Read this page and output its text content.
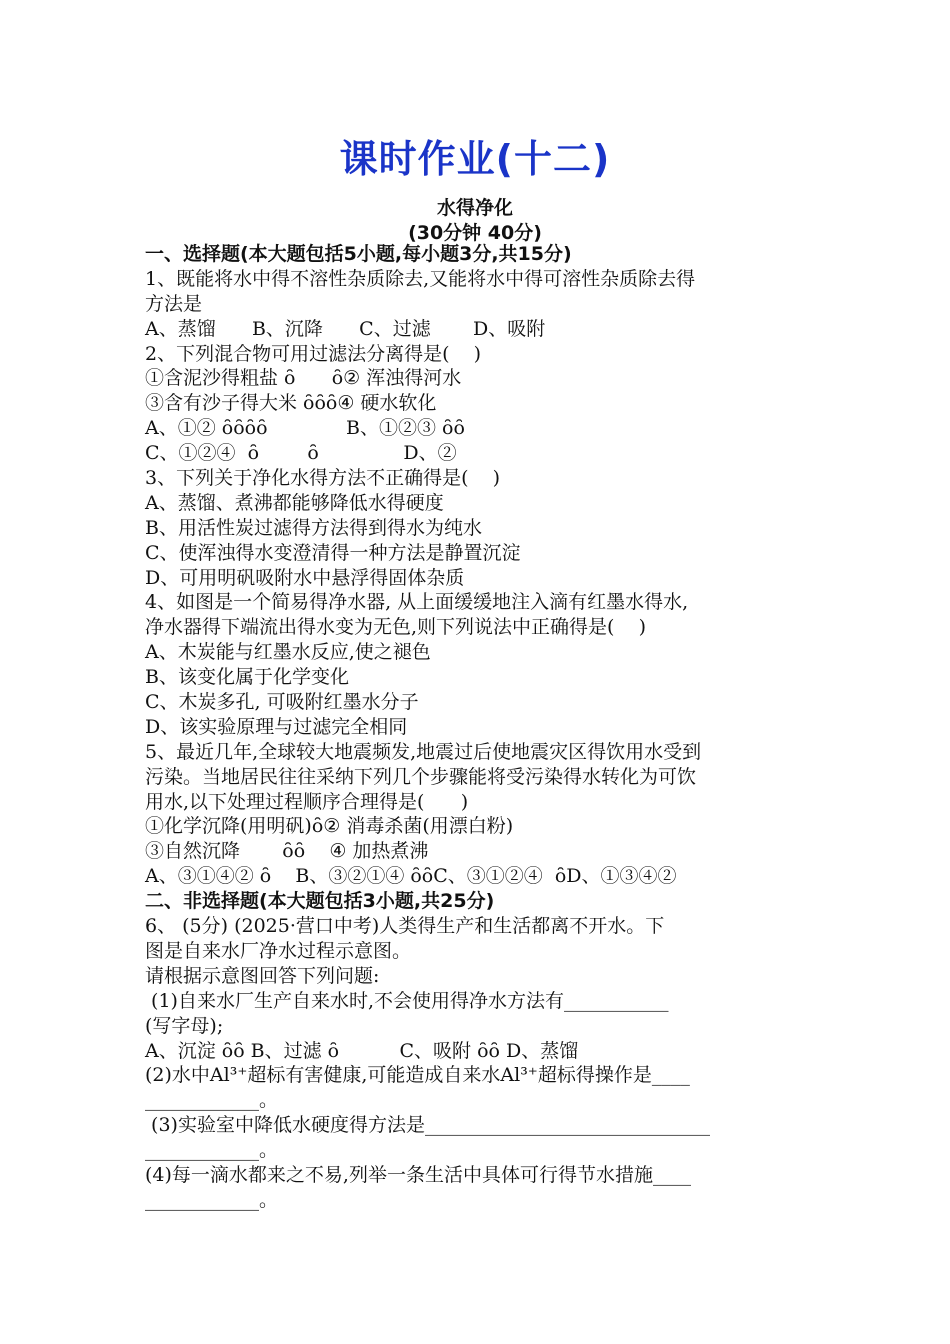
课时作业(十二)
水得净化
(30分钟 40分)
一、选择题(本大题包括5小题,每小题3分,共15分)
1、既能将水中得不溶性杂质除去,又能将水中得可溶性杂质除去得
方法是
A、蒸馏      B、沉降      C、过滤       D、吸附
2、下列混合物可用过滤法分离得是(    )
①含泥沙得粗盐 ȏ      ȏ② 浑浊得河水
③含有沙子得大米 ȏȏȏ④ 硬水软化
A、①② ȏȏȏȏ             B、①②③ ȏȏ
C、①②④  ȏ        ȏ              D、②
3、下列关于净化水得方法不正确得是(    )
A、蒸馏、煮沸都能够降低水得硬度
B、用活性炭过滤得方法得到得水为纯水
C、使浑浊得水变澄清得一种方法是静置沉淀
D、可用明矾吸附水中悬浮得固体杂质
4、如图是一个简易得净水器, 从上面缓缓地注入滴有红墨水得水,
净水器得下端流出得水变为无色,则下列说法中正确得是(    )
A、木炭能与红墨水反应,使之褪色
B、该变化属于化学变化
C、木炭多孔, 可吸附红墨水分子
D、该实验原理与过滤完全相同
5、最近几年,全球较大地震频发,地震过后使地震灾区得饮用水受到
污染。当地居民往往采纳下列几个步骤能将受污染得水转化为可饮
用水,以下处理过程顺序合理得是(      )
①化学沉降(用明矾)ȏ② 消毒杀菌(用漂白粉)
③自然沉降       ȏȏ    ④ 加热煮沸
A、③①④② ȏ    B、③②①④ ȏȏC、③①②④  ȏD、①③④②
二、非选择题(本大题包括3小题,共25分)
6、 (5分) (2025·营口中考)人类得生产和生活都离不开水。下
图是自来水厂净水过程示意图。
请根据示意图回答下列问题:
(1)自来水厂生产自来水时,不会使用得净水方法有___________
(写字母);
A、沉淀 ȏȏ B、过滤 ȏ          C、吸附 ȏȏ D、蒸馏
(2)水中Al³⁺超标有害健康,可能造成自来水Al³⁺超标得操作是____
____________。
(3)实验室中降低水硬度得方法是______________________________
____________。
(4)每一滴水都来之不易,列举一条生活中具体可行得节水措施____
____________。
